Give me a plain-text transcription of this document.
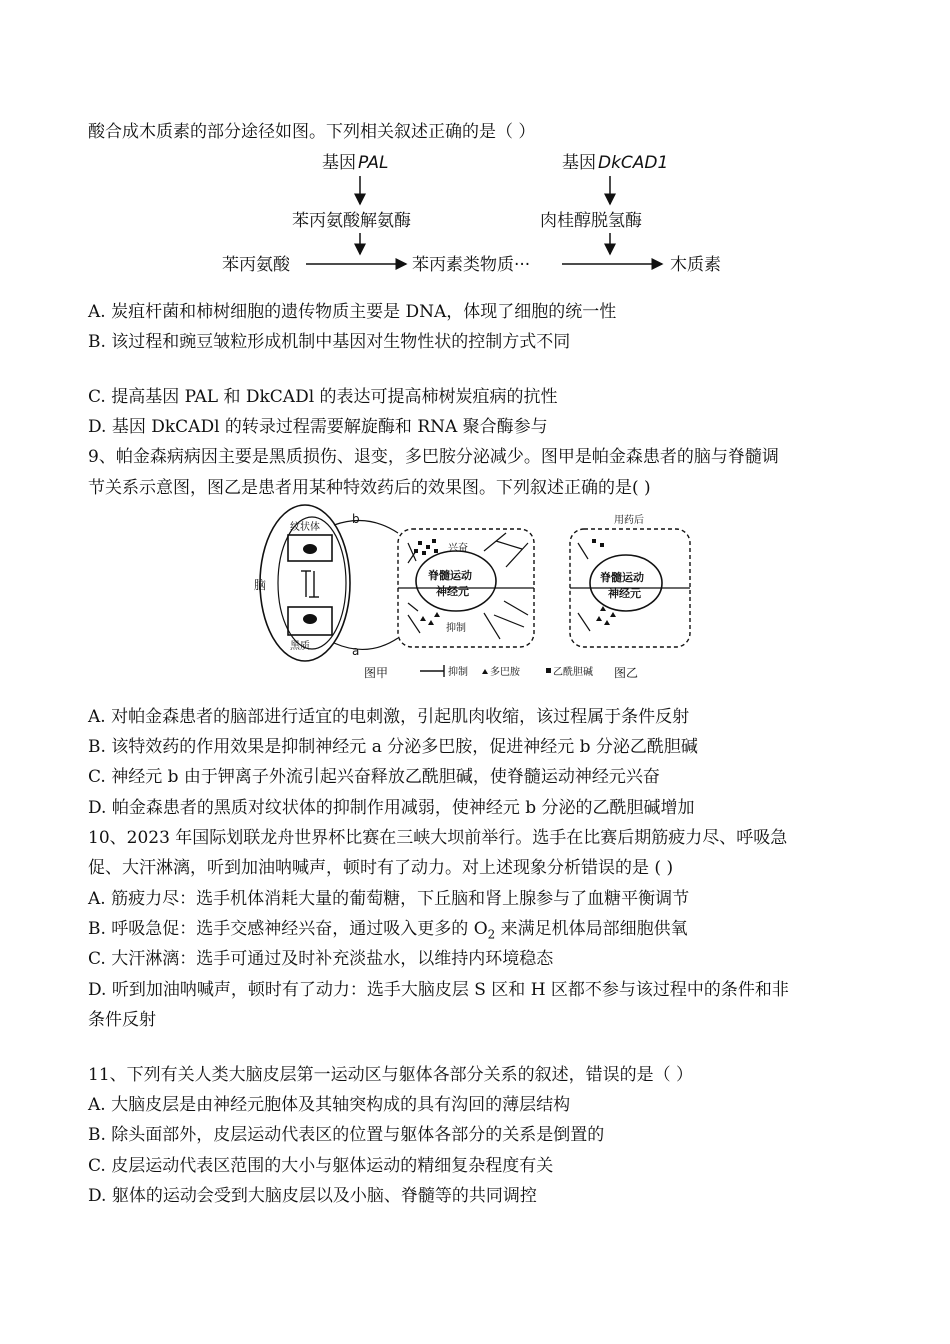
酸合成木质素的部分途径如图。下列相关叙述正确的是（ ）
基因 PAL
苯丙氨酸解氨酶
基因 DkCAD1
肉桂醇脱氢酶
苯丙氨酸	苯丙素类物质···	木质素
A. 炭疽杆菌和柿树细胞的遗传物质主要是 DNA，体现了细胞的统一性
B. 该过程和豌豆皱粒形成机制中基因对生物性状的控制方式不同
C. 提高基因 PAL 和 DkCADl 的表达可提高柿树炭疽病的抗性
D. 基因 DkCADl 的转录过程需要解旋酶和 RNA 聚合酶参与
9、帕金森病病因主要是黑质损伤、退变，多巴胺分泌减少。图甲是帕金森患者的脑与脊髓调
节关系示意图，图乙是患者用某种特效药后的效果图。下列叙述正确的是( )
脑
纹状体
黑质
b
a
脊髓运动
神经元
兴奋
抑制
用药后
脊髓运动
神经元
图甲	抑制 多巴胺	乙酰胆碱 图乙
A. 对帕金森患者的脑部进行适宜的电刺激，引起肌肉收缩，该过程属于条件反射
B. 该特效药的作用效果是抑制神经元 a 分泌多巴胺，促进神经元 b 分泌乙酰胆碱
C. 神经元 b 由于钾离子外流引起兴奋释放乙酰胆碱，使脊髓运动神经元兴奋
D. 帕金森患者的黑质对纹状体的抑制作用减弱，使神经元 b 分泌的乙酰胆碱增加
10、2023 年国际划联龙舟世界杯比赛在三峡大坝前举行。选手在比赛后期筋疲力尽、呼吸急
促、大汗淋漓，听到加油呐喊声，顿时有了动力。对上述现象分析错误的是 ( )
A. 筋疲力尽：选手机体消耗大量的葡萄糖，下丘脑和肾上腺参与了血糖平衡调节
B. 呼吸急促：选手交感神经兴奋，通过吸入更多的 $O_2$ 来满足机体局部细胞供氧
C. 大汗淋漓：选手可通过及时补充淡盐水，以维持内环境稳态
D. 听到加油呐喊声，顿时有了动力：选手大脑皮层 S 区和 H 区都不参与该过程中的条件和非
条件反射
11、下列有关人类大脑皮层第一运动区与躯体各部分关系的叙述，错误的是（ ）
A. 大脑皮层是由神经元胞体及其轴突构成的具有沟回的薄层结构
B. 除头面部外，皮层运动代表区的位置与躯体各部分的关系是倒置的
C. 皮层运动代表区范围的大小与躯体运动的精细复杂程度有关
D. 躯体的运动会受到大脑皮层以及小脑、脊髓等的共同调控
